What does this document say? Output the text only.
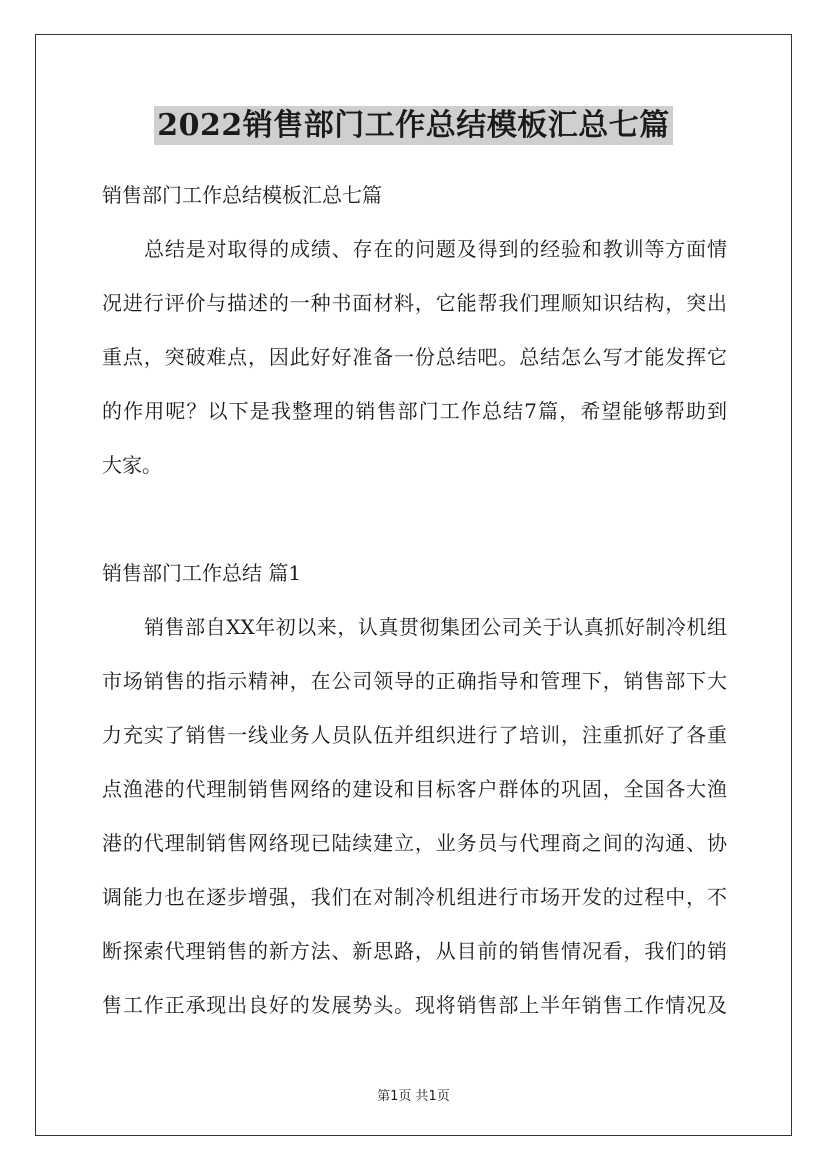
2022销售部门工作总结模板汇总七篇
销售部门工作总结模板汇总七篇
总结是对取得的成绩、存在的问题及得到的经验和教训等方面情
况进行评价与描述的一种书面材料，它能帮我们理顺知识结构，突出
重点，突破难点，因此好好准备一份总结吧。总结怎么写才能发挥它
的作用呢？以下是我整理的销售部门工作总结7篇，希望能够帮助到
大家。
销售部门工作总结 篇1
销售部自XX年初以来，认真贯彻集团公司关于认真抓好制冷机组
市场销售的指示精神，在公司领导的正确指导和管理下，销售部下大
力充实了销售一线业务人员队伍并组织进行了培训，注重抓好了各重
点渔港的代理制销售网络的建设和目标客户群体的巩固，全国各大渔
港的代理制销售网络现已陆续建立，业务员与代理商之间的沟通、协
调能力也在逐步增强，我们在对制冷机组进行市场开发的过程中，不
断探索代理销售的新方法、新思路，从目前的销售情况看，我们的销
售工作正承现出良好的发展势头。现将销售部上半年销售工作情况及
第1页 共1页
